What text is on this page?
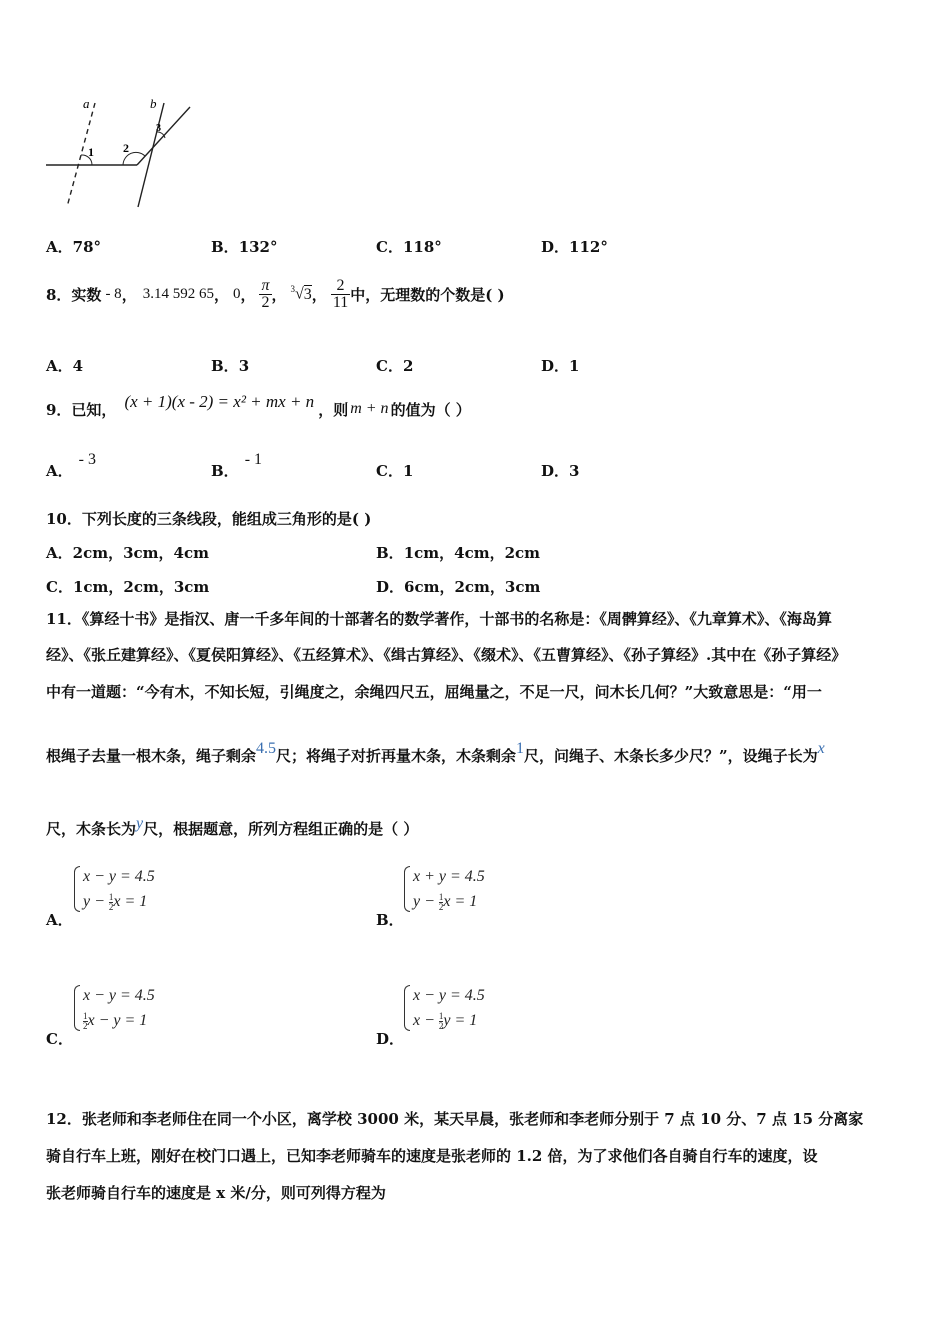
a	b
1 2
3
A．78°	B．132°	C．118°	D．112°
8．实数 - 8 ， 3.14 592 65 ， 0 ， $\frac{\pi}{2}$ ， $^3$√3 ， $\frac{2}{11}$ 中，无理数的个数是( )
A．4	B．3	C．2	D．1
9．已知， (x + 1)(x - 2) = x² + mx + n ，则 m + n 的值为（ ）
A．- 3
B．- 1
C．1	D．3
10．下列长度的三条线段，能组成三角形的是( )
A．2cm，3cm，4cm	B．1cm，4cm，2cm
C．1cm，2cm，3cm	D．6cm，2cm，3cm
11．《算经十书》是指汉、唐一千多年间的十部著名的数学著作，十部书的名称是：《周髀算经》、《九章算术》、《海岛算
经》、《张丘建算经》、《夏侯阳算经》、《五经算术》、《缉古算经》、《缀术》、《五曹算经》、《孙子算经》.其中在《孙子算经》
中有一道题：“今有木，不知长短，引绳度之，余绳四尺五，屈绳量之，不足一尺，问木长几何？”大致意思是：“用一
根绳子去量一根木条，绳子剩余4.5尺；将绳子对折再量木条，木条剩余1尺，问绳子、木条长多少尺？”，设绳子长为x
尺，木条长为y尺，根据题意，所列方程组正确的是（ ）
A．
x − y = 4.5
$y - \frac{1}{2}$ x = 1
B．
x + y = 4.5
$y - \frac{1}{2}$ x = 1
C．
x − y = 4.5
$\frac{1}{2}$ x − y = 1
D．
x − y = 4.5
$x - \frac{1}{2}$ y = 1
12．张老师和李老师住在同一个小区，离学校 3000 米，某天早晨，张老师和李老师分别于 7 点 10 分、7 点 15 分离家
骑自行车上班，刚好在校门口遇上，已知李老师骑车的速度是张老师的 1.2 倍，为了求他们各自骑自行车的速度，设
张老师骑自行车的速度是 x 米/分，则可列得方程为
